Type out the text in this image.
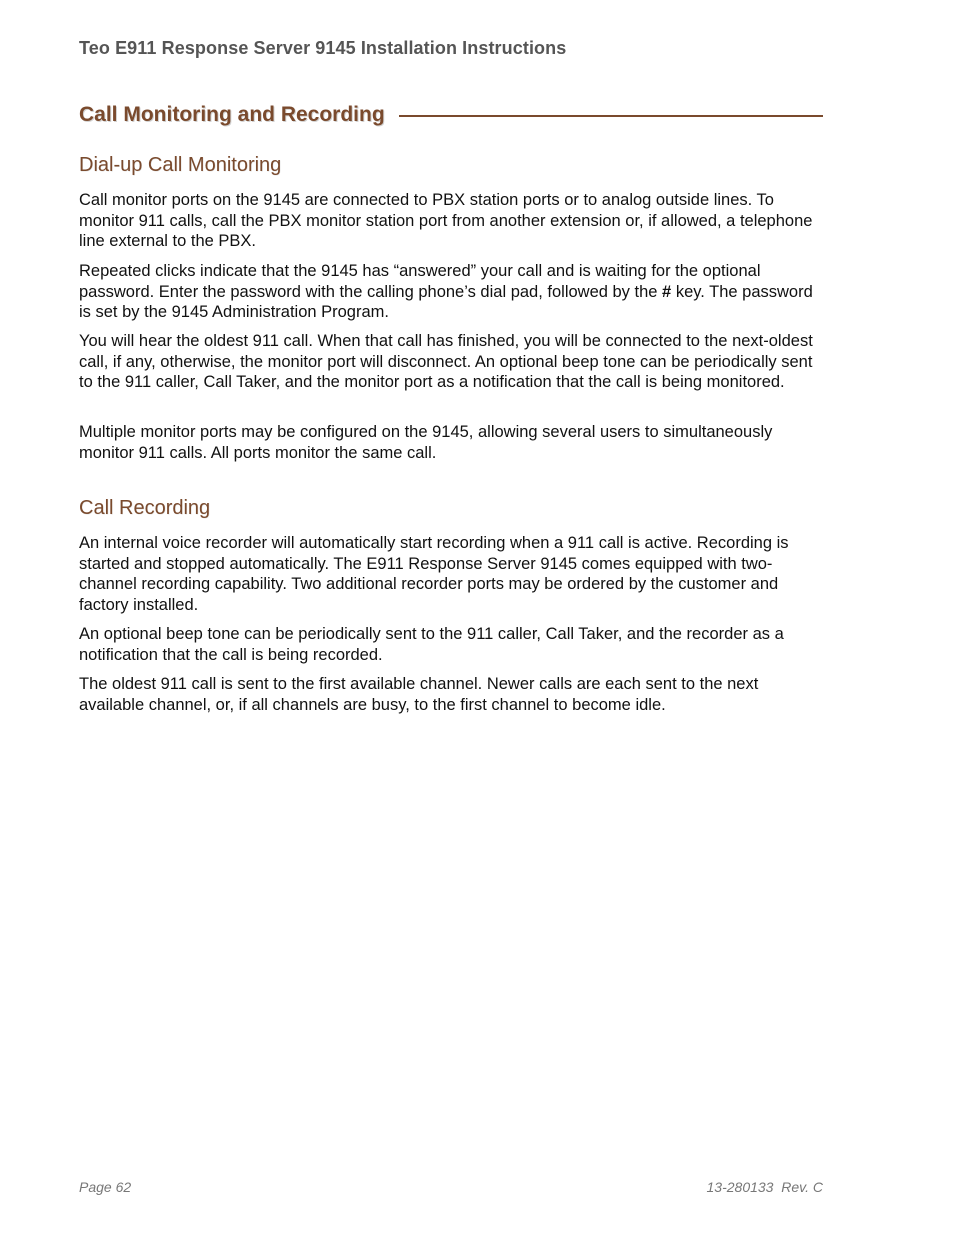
Teo E911 Response Server 9145 Installation Instructions
Call Monitoring and Recording
Dial-up Call Monitoring

Call monitor ports on the 9145 are connected to PBX station ports or to analog outside lines. To monitor 911 calls, call the PBX monitor station port from another extension or, if allowed, a telephone line external to the PBX.

Repeated clicks indicate that the 9145 has “answered” your call and is waiting for the optional password. Enter the password with the calling phone’s dial pad, followed by the # key. The password is set by the 9145 Administration Program.

You will hear the oldest 911 call. When that call has finished, you will be connected to the next-oldest call, if any, otherwise, the monitor port will disconnect. An optional beep tone can be periodically sent to the 911 caller, Call Taker, and the monitor port as a notification that the call is being monitored.

Multiple monitor ports may be configured on the 9145, allowing several users to simultaneously monitor 911 calls. All ports monitor the same call.

Call Recording

An internal voice recorder will automatically start recording when a 911 call is active. Recording is started and stopped automatically. The E911 Response Server 9145 comes equipped with two-channel recording capability. Two additional recorder ports may be ordered by the customer and factory installed.

An optional beep tone can be periodically sent to the 911 caller, Call Taker, and the recorder as a notification that the call is being recorded.

The oldest 911 call is sent to the first available channel. Newer calls are each sent to the next available channel, or, if all channels are busy, to the first channel to become idle.

Page 62	13-280133  Rev. C
